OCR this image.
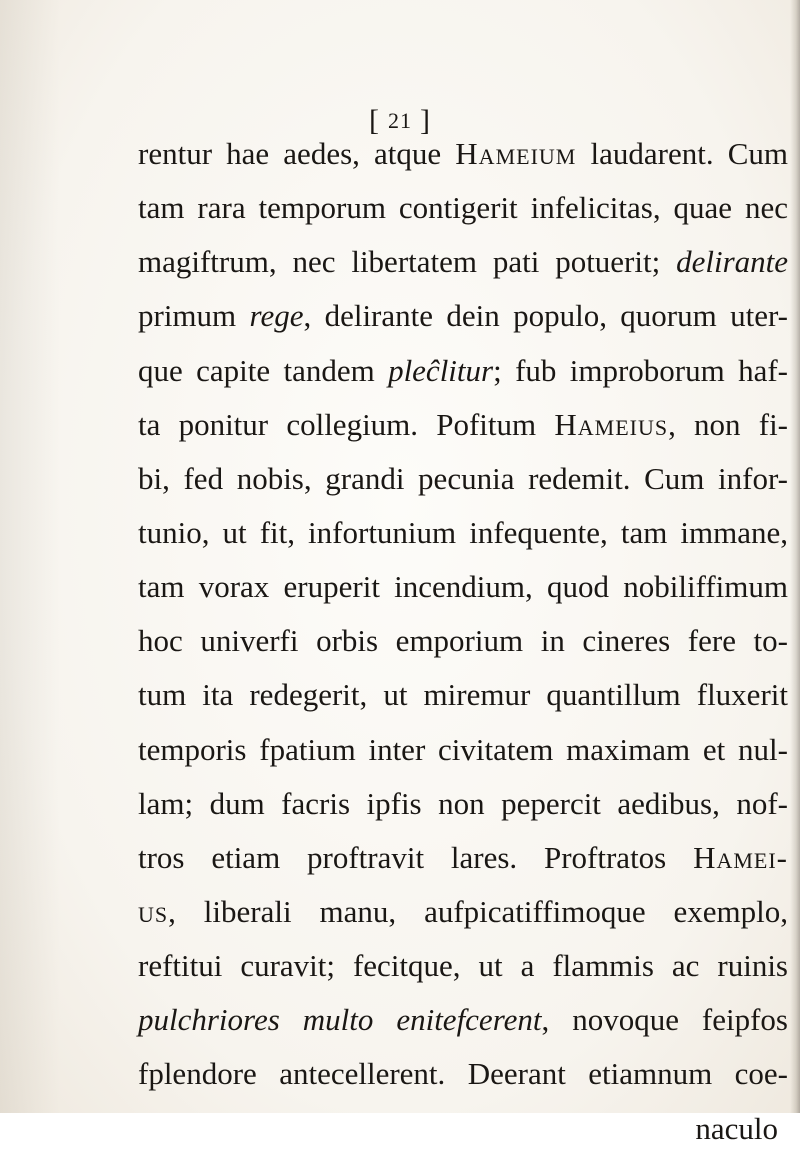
[ 21 ]
rentur hae aedes, atque Hameium laudarent. Cum
tam rara temporum contigerit infelicitas, quae nec
magiftrum, nec libertatem pati potuerit; delirante
primum rege, delirante dein populo, quorum uter-
que capite tandem pleĉlitur; fub improborum haf-
ta ponitur collegium. Pofitum Hameius, non fi-
bi, fed nobis, grandi pecunia redemit. Cum infor-
tunio, ut fit, infortunium infequente, tam immane,
tam vorax eruperit incendium, quod nobiliffimum
hoc univerfi orbis emporium in cineres fere to-
tum ita redegerit, ut miremur quantillum fluxerit
temporis fpatium inter civitatem maximam et nul-
lam; dum facris ipfis non pepercit aedibus, nof-
tros etiam proftravit lares. Proftratos Hamei-
us, liberali manu, aufpicatiffimoque exemplo,
reftitui curavit; fecitque, ut a flammis ac ruinis
pulchriores multo enitefcerent, novoque feipfos
fplendore antecellerent. Deerant etiamnum coe-
naculo
